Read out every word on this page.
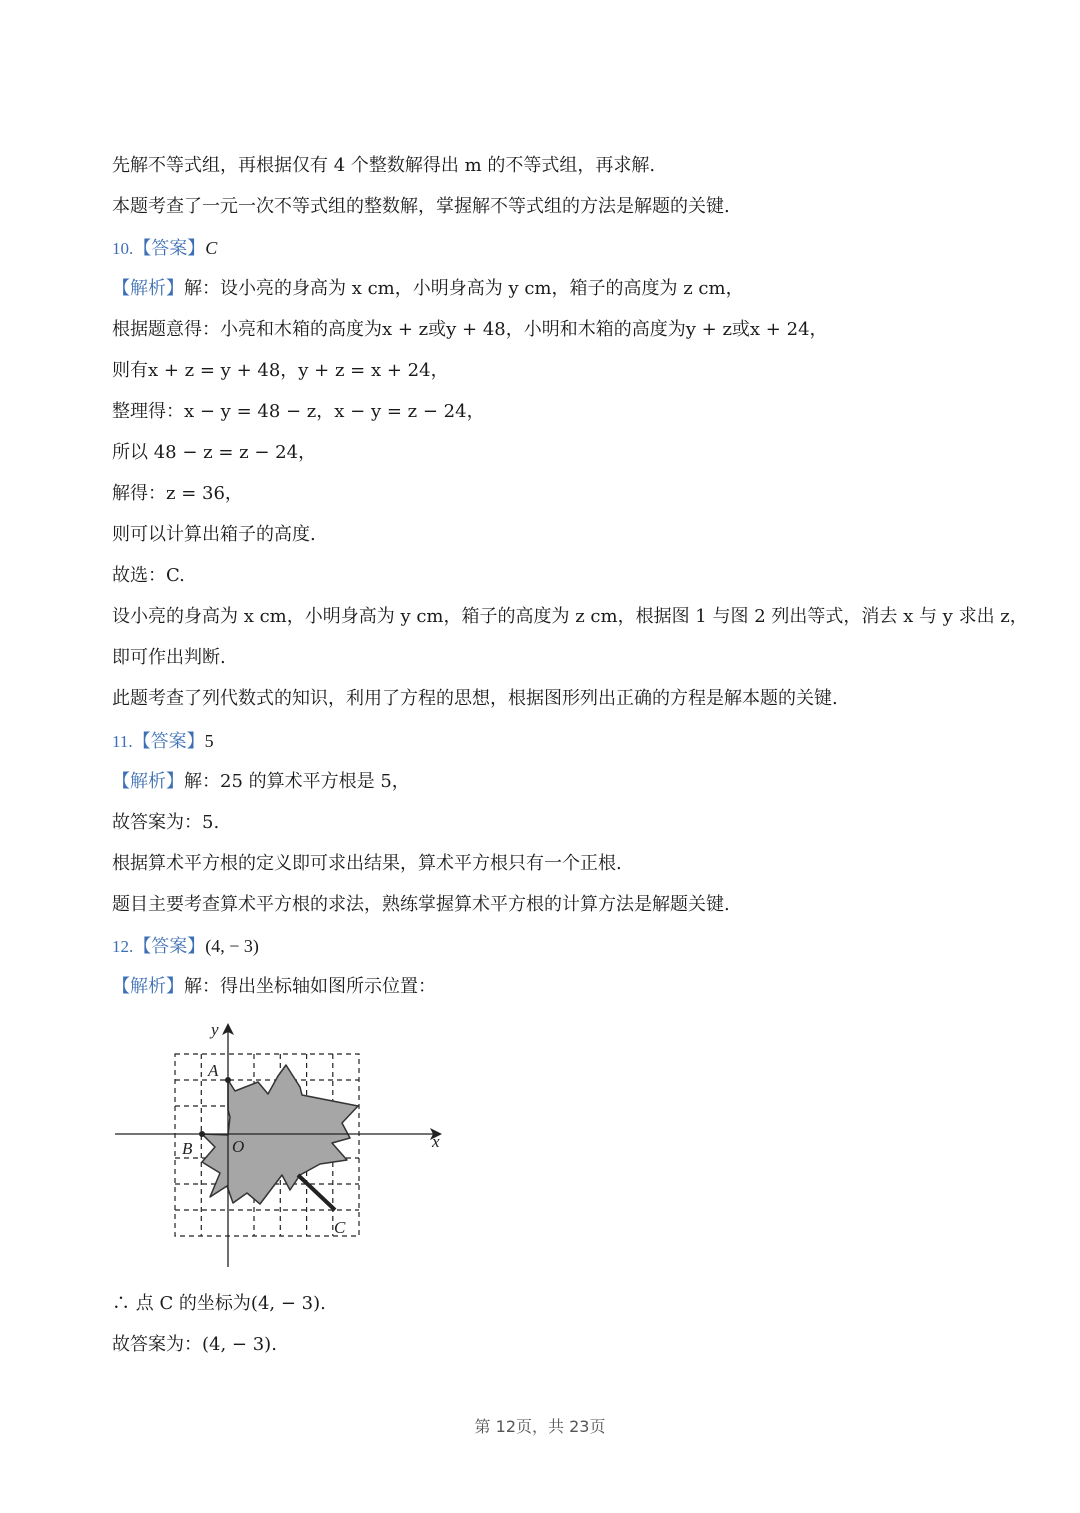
先解不等式组，再根据仅有 4 个整数解得出 m 的不等式组，再求解.
本题考查了一元一次不等式组的整数解，掌握解不等式组的方法是解题的关键.
10.【答案】C
【解析】解：设小亮的身高为 x cm，小明身高为 y cm，箱子的高度为 z cm，
根据题意得：小亮和木箱的高度为x + z或y + 48，小明和木箱的高度为y + z或x + 24，
则有x + z = y + 48，y + z = x + 24，
整理得：x − y = 48 − z，x − y = z − 24，
所以 48 − z = z − 24，
解得：z = 36，
则可以计算出箱子的高度.
故选：C.
设小亮的身高为 x cm，小明身高为 y cm，箱子的高度为 z cm，根据图 1 与图 2 列出等式，消去 x 与 y 求出 z，
即可作出判断.
此题考查了列代数式的知识，利用了方程的思想，根据图形列出正确的方程是解本题的关键.
11.【答案】5
【解析】解：25 的算术平方根是 5，
故答案为：5.
根据算术平方根的定义即可求出结果，算术平方根只有一个正根.
题目主要考查算术平方根的求法，熟练掌握算术平方根的计算方法是解题关键.
12.【答案】(4, − 3)
【解析】解：得出坐标轴如图所示位置：
y
x
A
B O
C
∴ 点 C 的坐标为(4, − 3).
故答案为：(4, − 3).
第 12页，共 23页
